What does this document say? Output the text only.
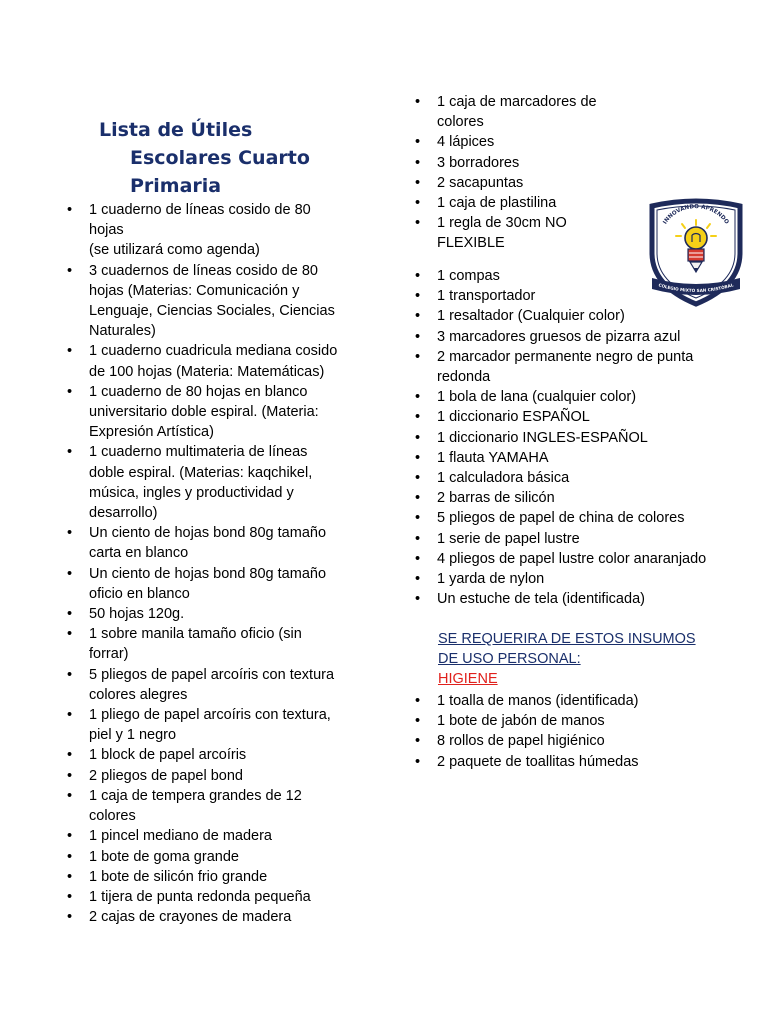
Lista de Útiles
Escolares Cuarto
Primaria
• 1 cuaderno de líneas cosido de 80
hojas
(se utilizará como agenda)
• 3 cuadernos de líneas cosido de 80
hojas (Materias: Comunicación y
Lenguaje, Ciencias Sociales, Ciencias
Naturales)
• 1 cuaderno cuadricula mediana cosido
de 100 hojas (Materia: Matemáticas)
• 1 cuaderno de 80 hojas en blanco
universitario doble espiral. (Materia:
Expresión Artística)
• 1 cuaderno multimateria de líneas
doble espiral. (Materias: kaqchikel,
música, ingles y productividad y
desarrollo)
• Un ciento de hojas bond 80g tamaño
carta en blanco
• Un ciento de hojas bond 80g tamaño
oficio en blanco
• 50 hojas 120g.
• 1 sobre manila tamaño oficio (sin
forrar)
• 5 pliegos de papel arcoíris con textura
colores alegres
• 1 pliego de papel arcoíris con textura,
piel y 1 negro
• 1 block de papel arcoíris
• 2 pliegos de papel bond
• 1 caja de tempera grandes de 12
colores
• 1 pincel mediano de madera
• 1 bote de goma grande
• 1 bote de silicón frio grande
• 1 tijera de punta redonda pequeña
• 2 cajas de crayones de madera
• 1 caja de marcadores de colores
• 4 lápices
• 3 borradores
• 2 sacapuntas
• 1 caja de plastilina
• 1 regla de 30cm NO
FLEXIBLE
• 1 compas
• 1 transportador
• 1 resaltador (Cualquier color)
• 3 marcadores gruesos de pizarra azul
• 2 marcador permanente negro de punta
redonda
• 1 bola de lana (cualquier color)
• 1 diccionario ESPAÑOL
• 1 diccionario INGLES-ESPAÑOL
• 1 flauta YAMAHA
• 1 calculadora básica
• 2 barras de silicón
• 5 pliegos de papel de china de colores
• 1 serie de papel lustre
• 4 pliegos de papel lustre color anaranjado
• 1 yarda de nylon
• Un estuche de tela (identificada)
SE REQUERIRA DE ESTOS INSUMOS
DE USO PERSONAL:
HIGIENE
• 1 toalla de manos (identificada)
• 1 bote de jabón de manos
• 8 rollos de papel higiénico
• 2 paquete de toallitas húmedas
INNOVANDO APRENDO
COLEGIO MIXTO SAN CRISTÓBAL
